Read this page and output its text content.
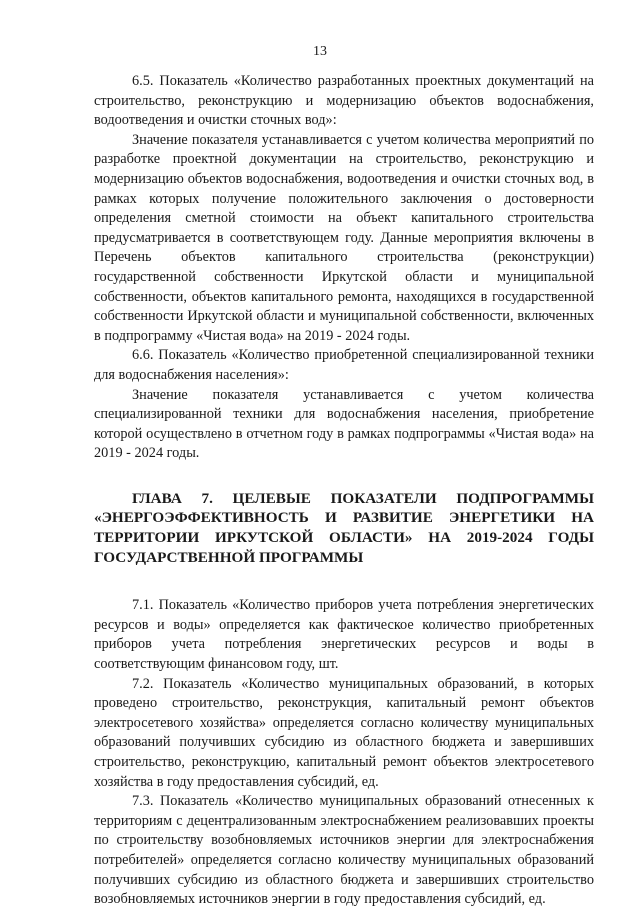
13

6.5. Показатель «Количество разработанных проектных документаций на строительство, реконструкцию и модернизацию объектов водоснабжения, водоотведения и очистки сточных вод»:

Значение показателя устанавливается с учетом количества мероприятий по разработке проектной документации на строительство, реконструкцию и модернизацию объектов водоснабжения, водоотведения и очистки сточных вод, в рамках которых получение положительного заключения о достоверности определения сметной стоимости на объект капитального строительства предусматривается в соответствующем году. Данные мероприятия включены в Перечень объектов капитального строительства (реконструкции) государственной собственности Иркутской области и муниципальной собственности, объектов капитального ремонта, находящихся в государственной собственности Иркутской области и муниципальной собственности, включенных в подпрограмму «Чистая вода» на 2019 - 2024 годы.

6.6. Показатель «Количество приобретенной специализированной техники для водоснабжения населения»:

Значение показателя устанавливается с учетом количества специализированной техники для водоснабжения населения, приобретение которой осуществлено в отчетном году в рамках подпрограммы «Чистая вода» на 2019 - 2024 годы.

ГЛАВА 7. ЦЕЛЕВЫЕ ПОКАЗАТЕЛИ ПОДПРОГРАММЫ «ЭНЕРГОЭФФЕКТИВНОСТЬ И РАЗВИТИЕ ЭНЕРГЕТИКИ НА ТЕРРИТОРИИ ИРКУТСКОЙ ОБЛАСТИ» НА 2019-2024 ГОДЫ ГОСУДАРСТВЕННОЙ ПРОГРАММЫ

7.1. Показатель «Количество приборов учета потребления энергетических ресурсов и воды» определяется как фактическое количество приобретенных приборов учета потребления энергетических ресурсов и воды в соответствующим финансовом году, шт.

7.2. Показатель «Количество муниципальных образований, в которых проведено строительство, реконструкция, капитальный ремонт объектов электросетевого хозяйства» определяется согласно количеству муниципальных образований получивших субсидию из областного бюджета и завершивших строительство, реконструкцию, капитальный ремонт объектов электросетевого хозяйства в году предоставления субсидий, ед.

7.3. Показатель «Количество муниципальных образований отнесенных к территориям с децентрализованным электроснабжением реализовавших проекты по строительству возобновляемых источников энергии для электроснабжения потребителей» определяется согласно количеству муниципальных образований получивших субсидию из областного бюджета и завершивших строительство возобновляемых источников энергии в году предоставления субсидий, ед.
